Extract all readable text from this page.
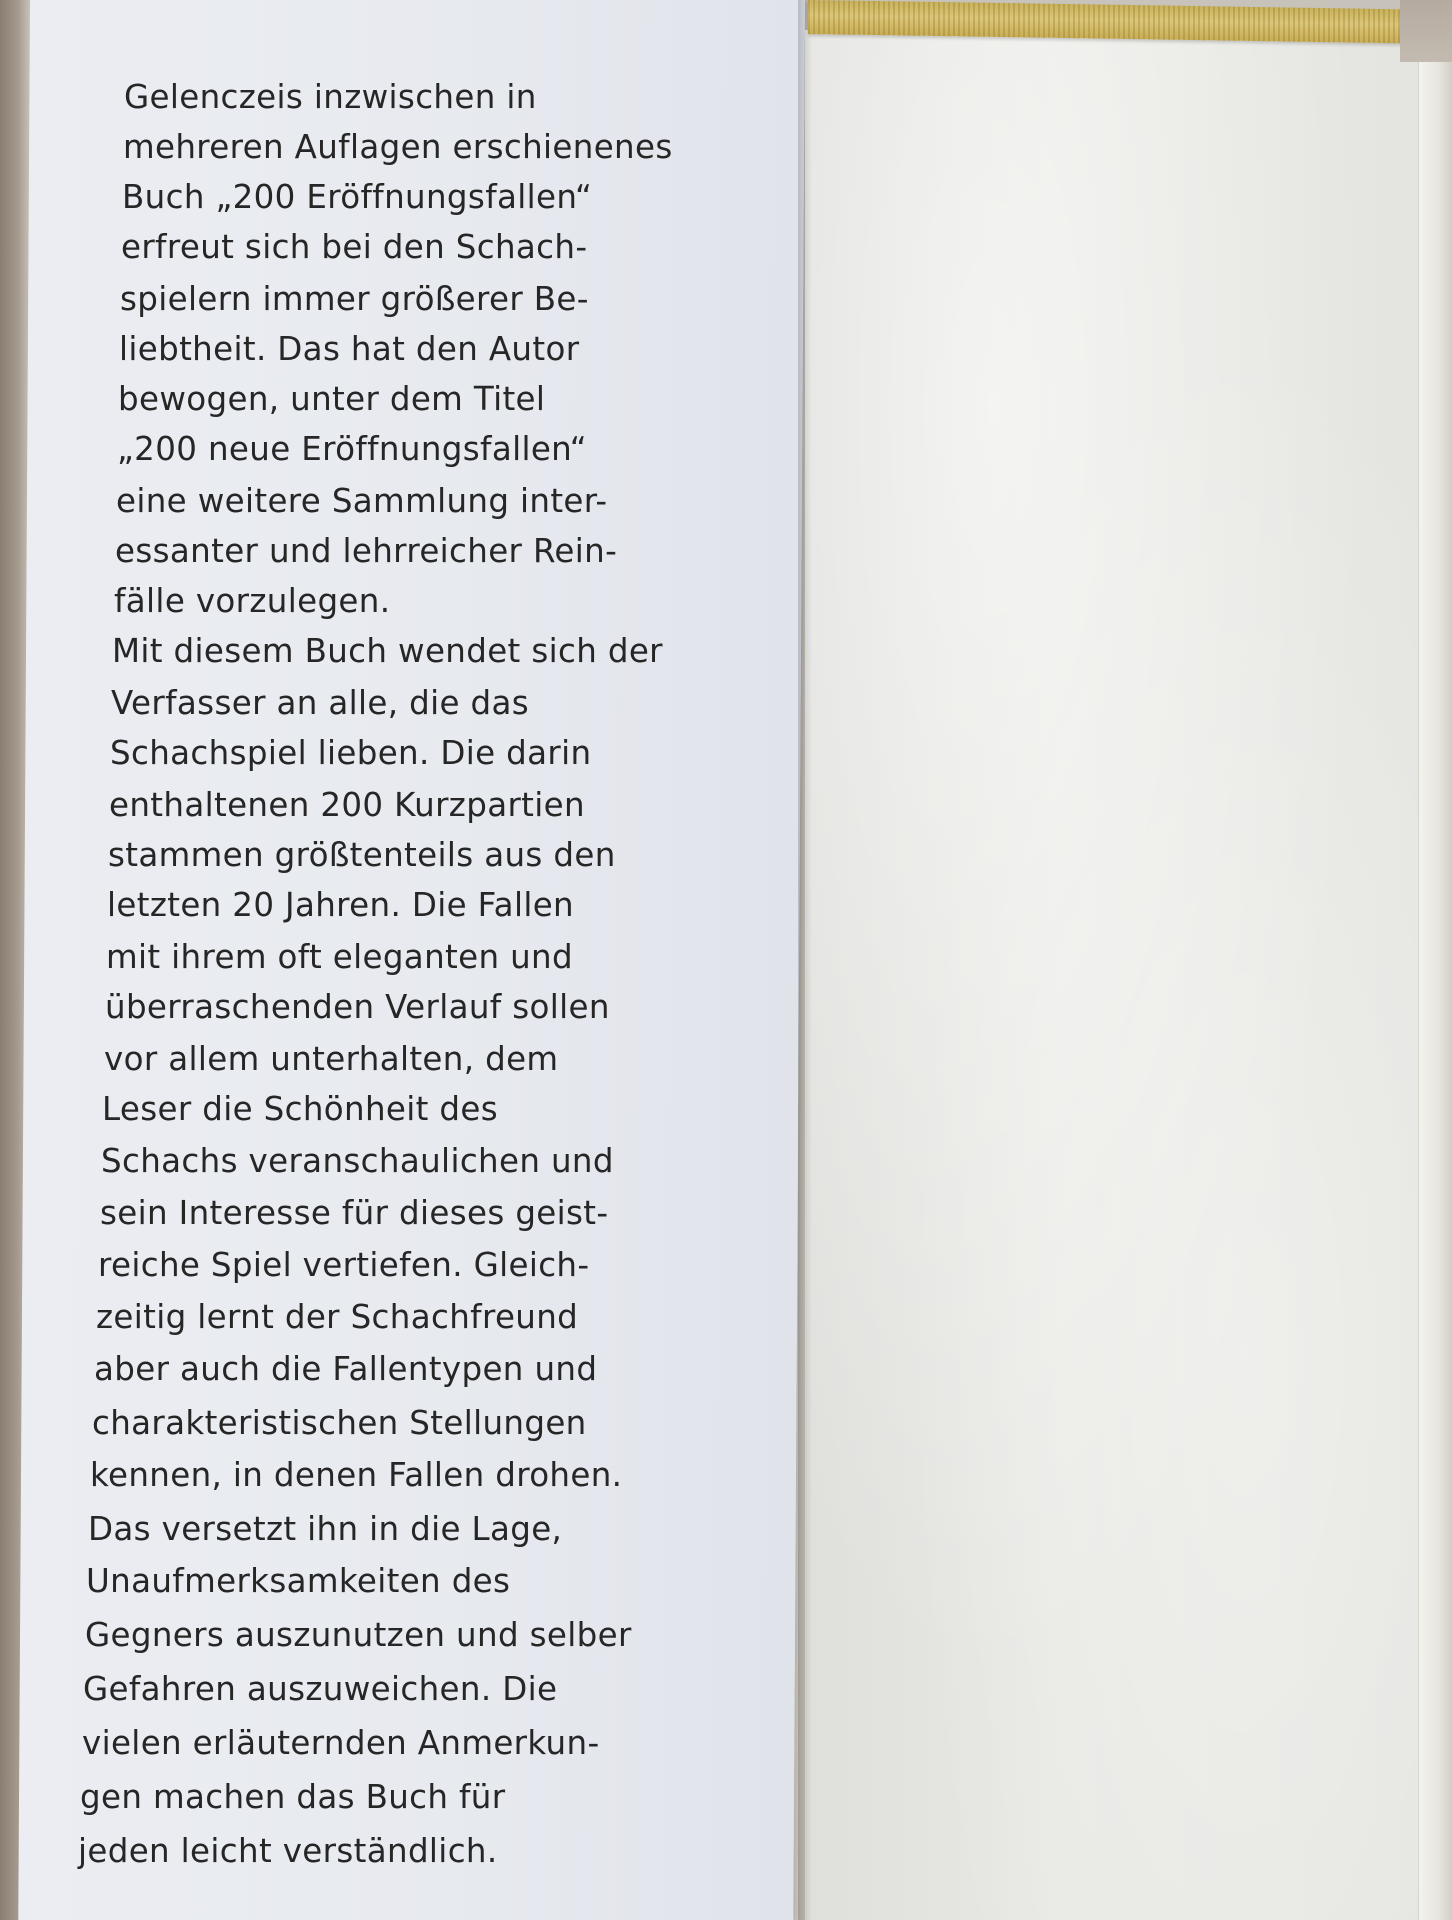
Gelenczeis inzwischen in
mehreren Auflagen erschienenes
Buch „200 Eröffnungsfallen“
erfreut sich bei den Schach-
spielern immer größerer Be-
liebtheit. Das hat den Autor
bewogen, unter dem Titel
„200 neue Eröffnungsfallen“
eine weitere Sammlung inter-
essanter und lehrreicher Rein-
fälle vorzulegen.
Mit diesem Buch wendet sich der
Verfasser an alle, die das
Schachspiel lieben. Die darin
enthaltenen 200 Kurzpartien
stammen größtenteils aus den
letzten 20 Jahren. Die Fallen
mit ihrem oft eleganten und
überraschenden Verlauf sollen
vor allem unterhalten, dem
Leser die Schönheit des
Schachs veranschaulichen und
sein Interesse für dieses geist-
reiche Spiel vertiefen. Gleich-
zeitig lernt der Schachfreund
aber auch die Fallentypen und
charakteristischen Stellungen
kennen, in denen Fallen drohen.
Das versetzt ihn in die Lage,
Unaufmerksamkeiten des
Gegners auszunutzen und selber
Gefahren auszuweichen. Die
vielen erläuternden Anmerkun-
gen machen das Buch für
jeden leicht verständlich.
